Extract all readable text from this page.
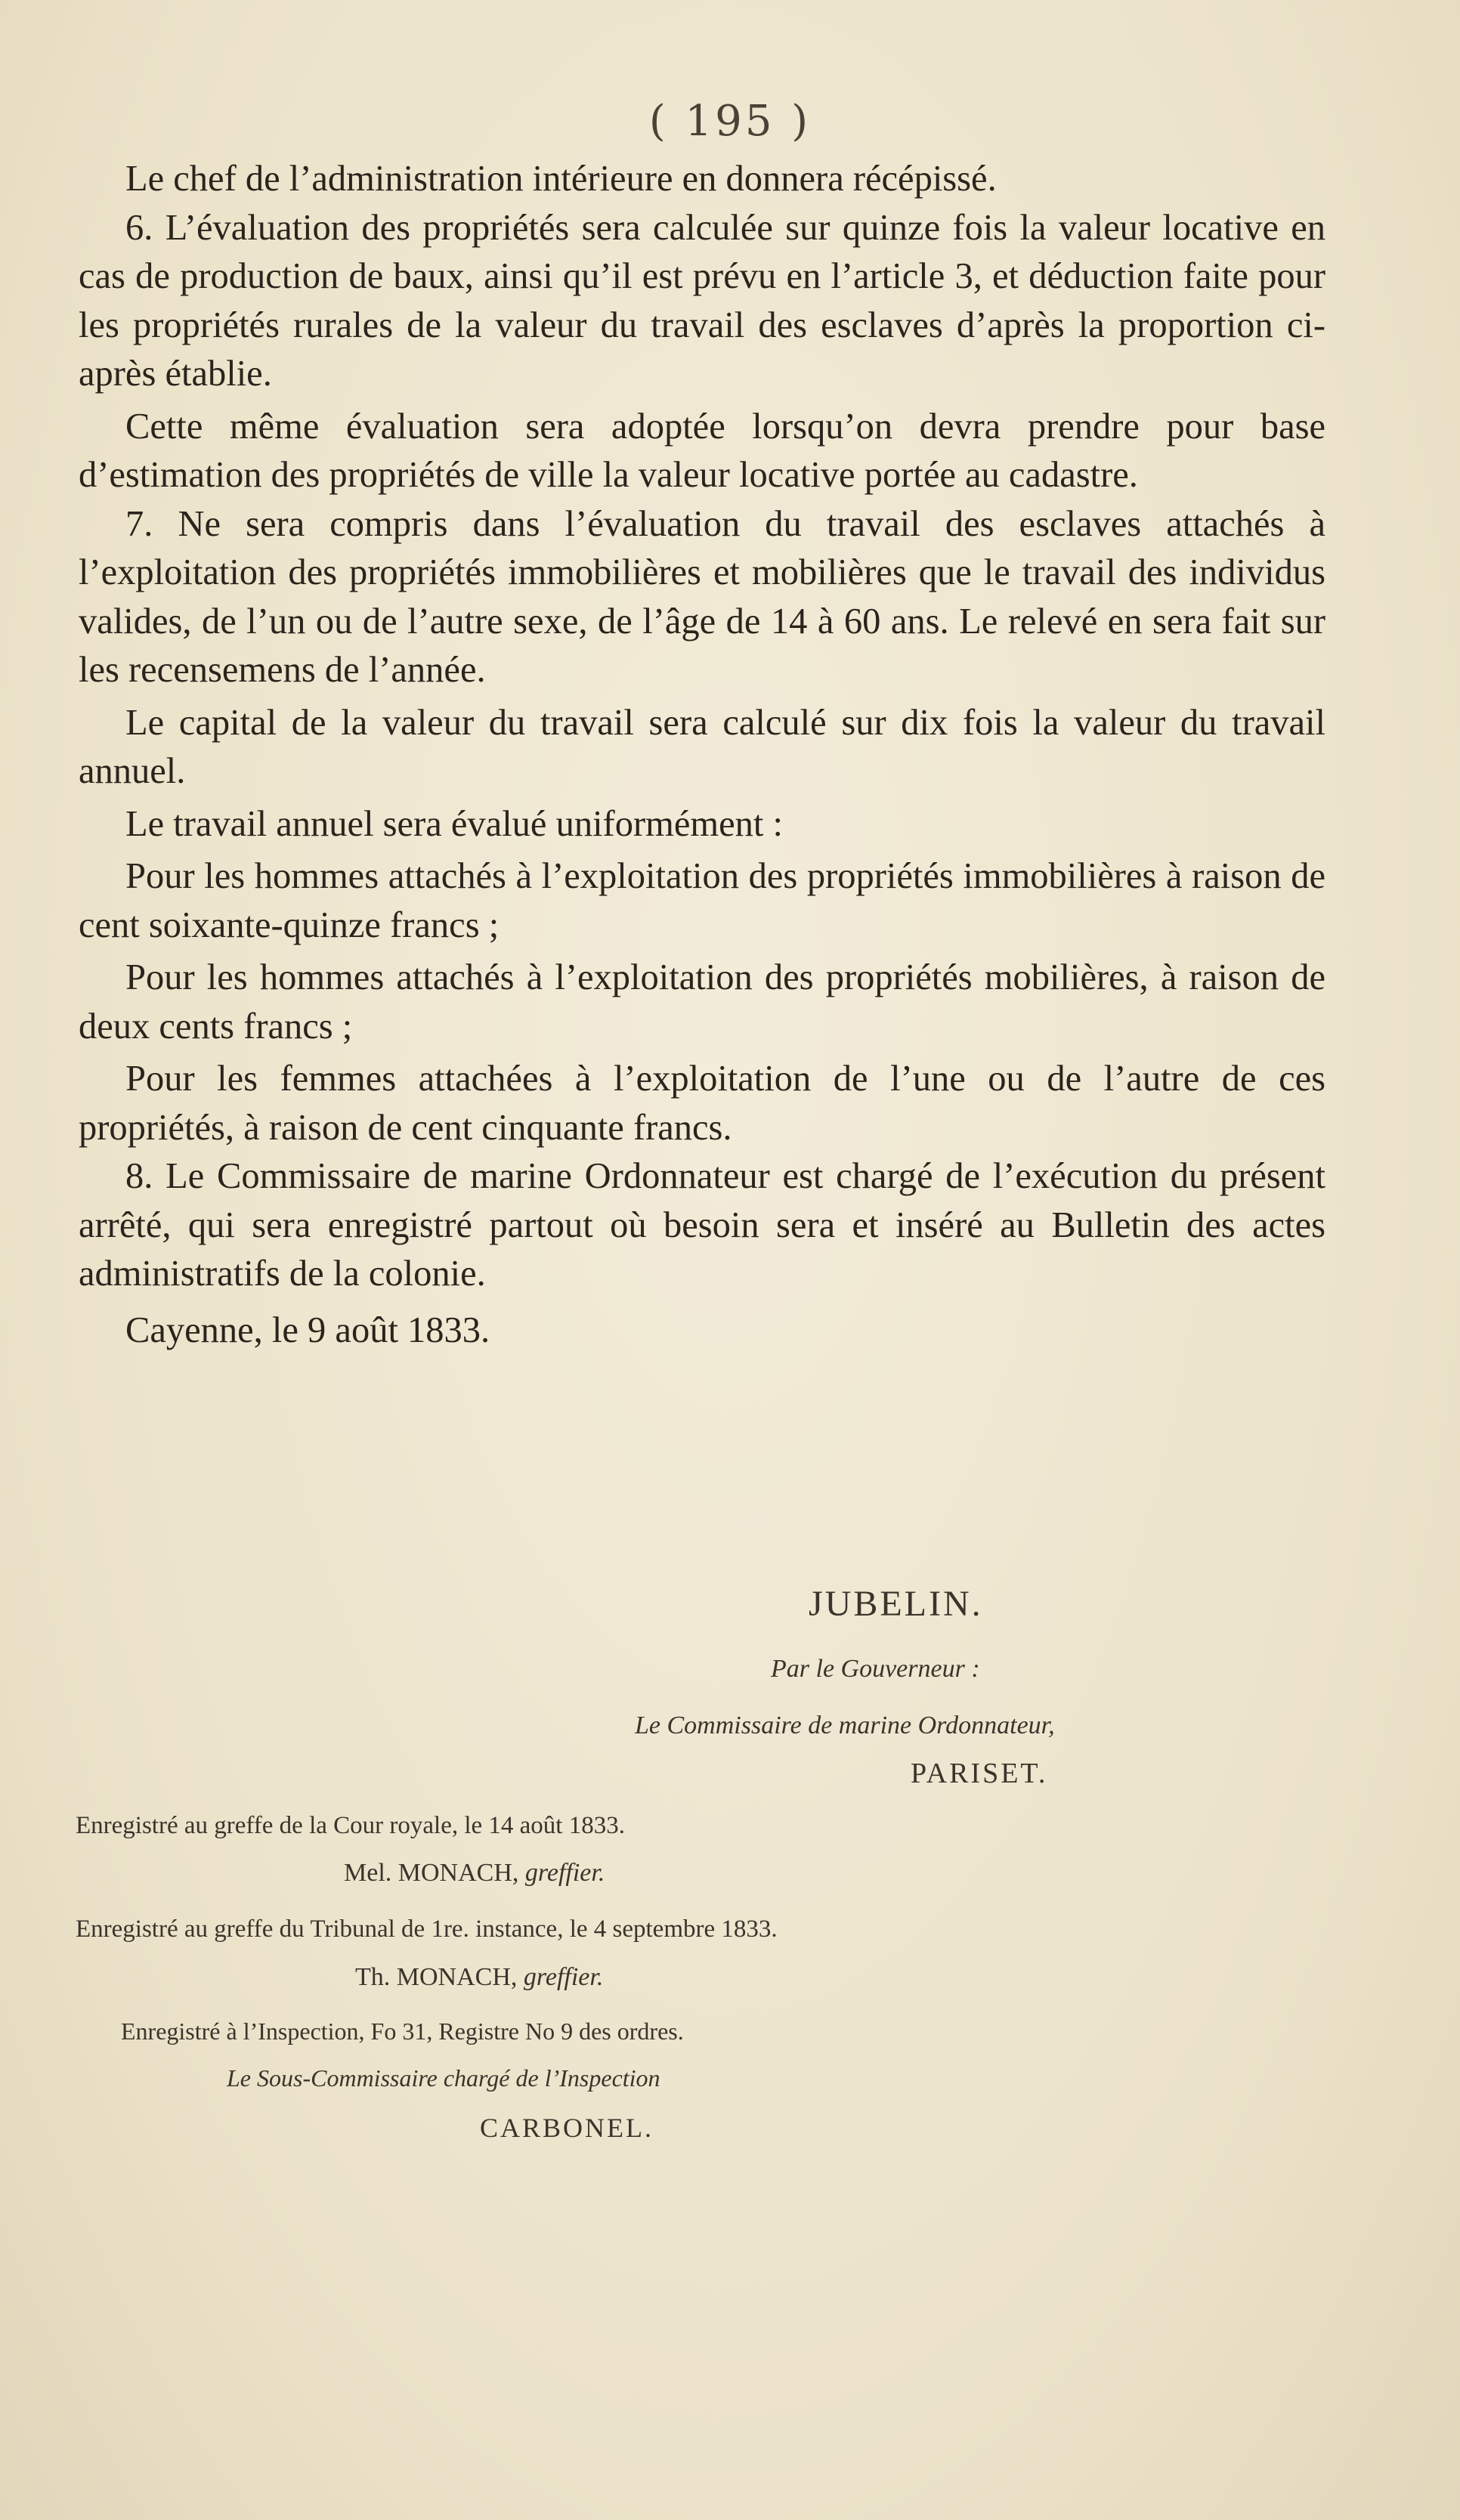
( 195 )

Le chef de l’administration intérieure en donnera récépissé.

6. L’évaluation des propriétés sera calculée sur quinze fois la valeur locative en cas de production de baux, ainsi qu’il est prévu en l’article 3, et déduction faite pour les propriétés rurales de la valeur du travail des esclaves d’après la proportion ci-après établie.

Cette même évaluation sera adoptée lorsqu’on devra prendre pour base d’estimation des propriétés de ville la valeur locative portée au cadastre.

7. Ne sera compris dans l’évaluation du travail des esclaves attachés à l’exploitation des propriétés immobilières et mobilières que le travail des individus valides, de l’un ou de l’autre sexe, de l’âge de 14 à 60 ans. Le relevé en sera fait sur les recensemens de l’année.

Le capital de la valeur du travail sera calculé sur dix fois la valeur du travail annuel.

Le travail annuel sera évalué uniformément :

Pour les hommes attachés à l’exploitation des propriétés immobilières à raison de cent soixante-quinze francs ;

Pour les hommes attachés à l’exploitation des propriétés mobilières, à raison de deux cents francs ;

Pour les femmes attachées à l’exploitation de l’une ou de l’autre de ces propriétés, à raison de cent cinquante francs.

8. Le Commissaire de marine Ordonnateur est chargé de l’exécution du présent arrêté, qui sera enregistré partout où besoin sera et inséré au Bulletin des actes administratifs de la colonie.

Cayenne, le 9 août 1833.
JUBELIN.
Par le Gouverneur :
Le Commissaire de marine Ordonnateur,
PARISET.
Enregistré au greffe de la Cour royale, le 14 août 1833.
Mel. MONACH, greffier.
Enregistré au greffe du Tribunal de 1re. instance, le 4 septembre 1833.
Th. MONACH, greffier.
Enregistré à l’Inspection, Fo 31, Registre No 9 des ordres.
Le Sous-Commissaire chargé de l’Inspection
CARBONEL.
